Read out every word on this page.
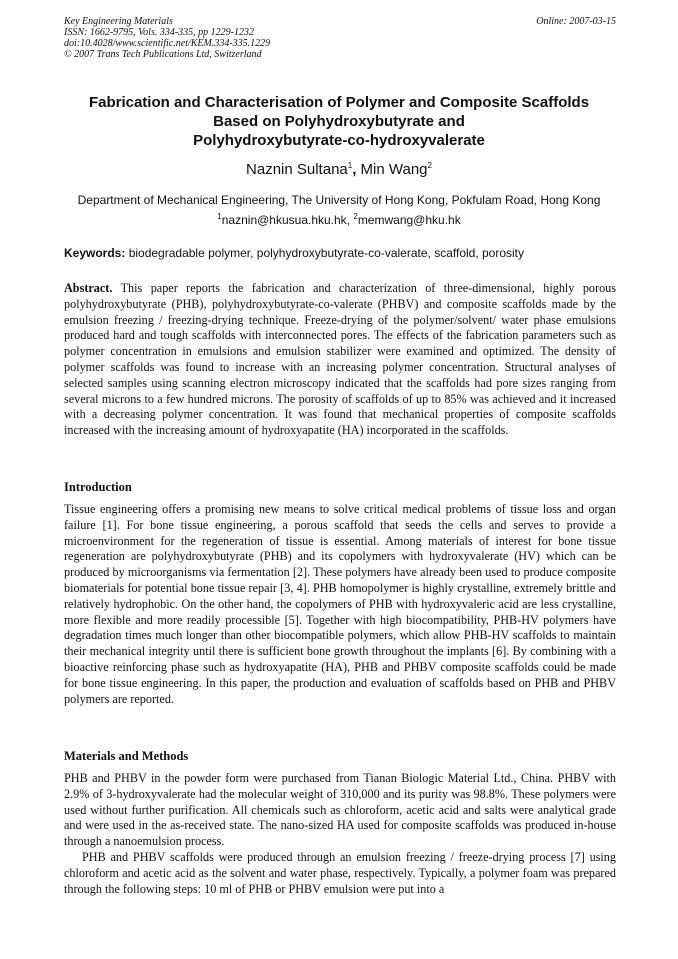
Key Engineering Materials
ISSN: 1662-9795, Vols. 334-335, pp 1229-1232
doi:10.4028/www.scientific.net/KEM.334-335.1229
© 2007 Trans Tech Publications Ltd, Switzerland
Online: 2007-03-15
Fabrication and Characterisation of Polymer and Composite Scaffolds
Based on Polyhydroxybutyrate and
Polyhydroxybutyrate-co-hydroxyvalerate
Naznin Sultana$^1$, Min Wang$^2$
Department of Mechanical Engineering, The University of Hong Kong, Pokfulam Road, Hong Kong
$^1$naznin@hkusua.hku.hk, $^2$memwang@hku.hk
Keywords: biodegradable polymer, polyhydroxybutyrate-co-valerate, scaffold, porosity
Abstract. This paper reports the fabrication and characterization of three-dimensional, highly porous polyhydroxybutyrate (PHB), polyhydroxybutyrate-co-valerate (PHBV) and composite scaffolds made by the emulsion freezing / freezing-drying technique. Freeze-drying of the polymer/solvent/ water phase emulsions produced hard and tough scaffolds with interconnected pores. The effects of the fabrication parameters such as polymer concentration in emulsions and emulsion stabilizer were examined and optimized. The density of polymer scaffolds was found to increase with an increasing polymer concentration. Structural analyses of selected samples using scanning electron microscopy indicated that the scaffolds had pore sizes ranging from several microns to a few hundred microns. The porosity of scaffolds of up to 85% was achieved and it increased with a decreasing polymer concentration. It was found that mechanical properties of composite scaffolds increased with the increasing amount of hydroxyapatite (HA) incorporated in the scaffolds.
Introduction
Tissue engineering offers a promising new means to solve critical medical problems of tissue loss and organ failure [1]. For bone tissue engineering, a porous scaffold that seeds the cells and serves to provide a microenvironment for the regeneration of tissue is essential. Among materials of interest for bone tissue regeneration are polyhydroxybutyrate (PHB) and its copolymers with hydroxyvalerate (HV) which can be produced by microorganisms via fermentation [2]. These polymers have already been used to produce composite biomaterials for potential bone tissue repair [3, 4]. PHB homopolymer is highly crystalline, extremely brittle and relatively hydrophobic. On the other hand, the copolymers of PHB with hydroxyvaleric acid are less crystalline, more flexible and more readily processible [5]. Together with high biocompatibility, PHB-HV polymers have degradation times much longer than other biocompatible polymers, which allow PHB-HV scaffolds to maintain their mechanical integrity until there is sufficient bone growth throughout the implants [6]. By combining with a bioactive reinforcing phase such as hydroxyapatite (HA), PHB and PHBV composite scaffolds could be made for bone tissue engineering. In this paper, the production and evaluation of scaffolds based on PHB and PHBV polymers are reported.
Materials and Methods

PHB and PHBV in the powder form were purchased from Tianan Biologic Material Ltd., China. PHBV with 2.9% of 3-hydroxyvalerate had the molecular weight of 310,000 and its purity was 98.8%. These polymers were used without further purification. All chemicals such as chloroform, acetic acid and salts were analytical grade and were used in the as-received state. The nano-sized HA used for composite scaffolds was produced in-house through a nanoemulsion process.

PHB and PHBV scaffolds were produced through an emulsion freezing / freeze-drying process [7] using chloroform and acetic acid as the solvent and water phase, respectively. Typically, a polymer foam was prepared through the following steps: 10 ml of PHB or PHBV emulsion were put into a
